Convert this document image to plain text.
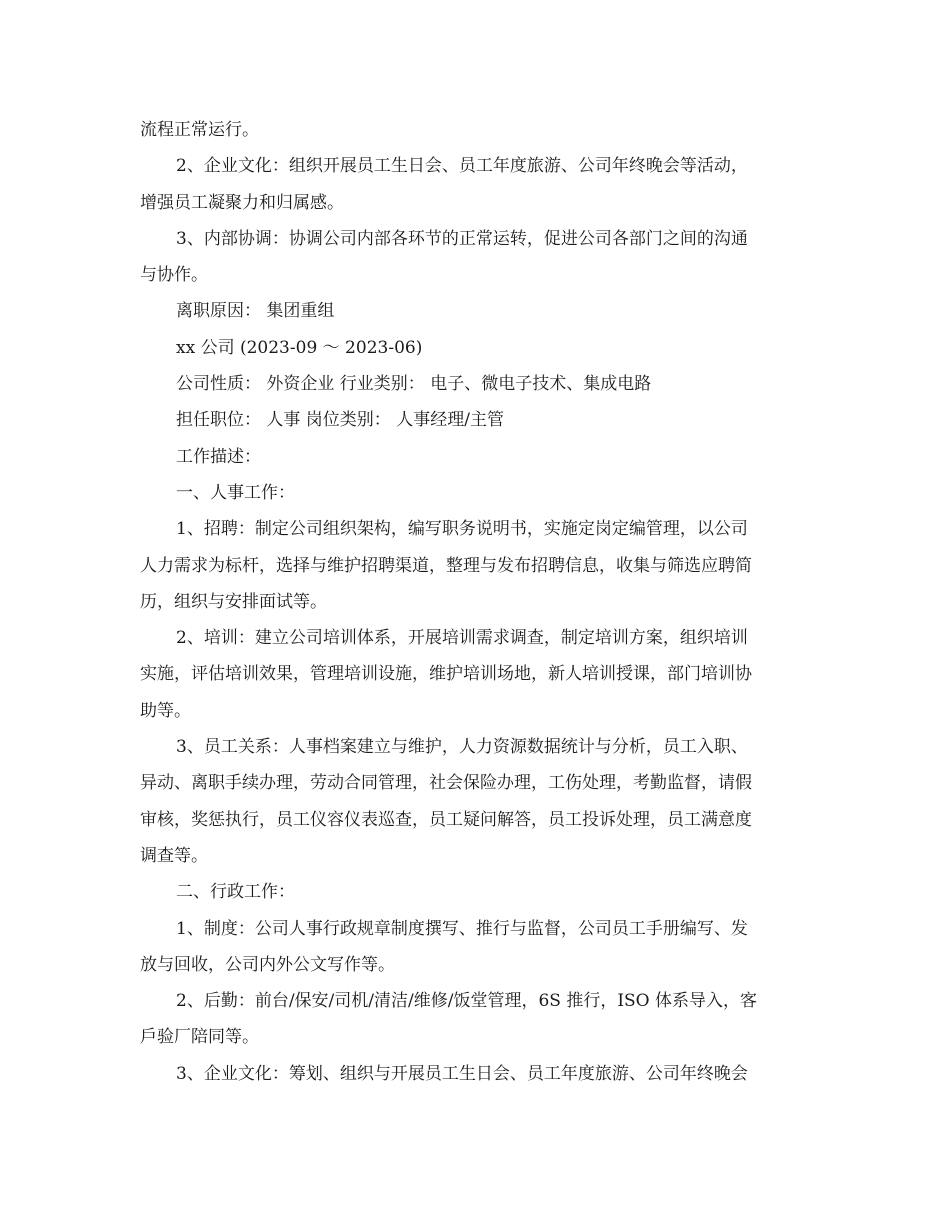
流程正常运行。
2、企业文化：组织开展员工生日会、员工年度旅游、公司年终晚会等活动，
增强员工凝聚力和归属感。
3、内部协调：协调公司内部各环节的正常运转，促进公司各部门之间的沟通
与协作。
离职原因： 集团重组
xx 公司 (2023-09 ～ 2023-06)
公司性质： 外资企业 行业类别： 电子、微电子技术、集成电路
担任职位： 人事 岗位类别： 人事经理/主管
工作描述：
一、人事工作：
1、招聘：制定公司组织架构，编写职务说明书，实施定岗定编管理，以公司
人力需求为标杆，选择与维护招聘渠道，整理与发布招聘信息，收集与筛选应聘简
历，组织与安排面试等。
2、培训：建立公司培训体系，开展培训需求调查，制定培训方案，组织培训
实施，评估培训效果，管理培训设施，维护培训场地，新人培训授课，部门培训协
助等。
3、员工关系：人事档案建立与维护，人力资源数据统计与分析，员工入职、
异动、离职手续办理，劳动合同管理，社会保险办理，工伤处理，考勤监督，请假
审核，奖惩执行，员工仪容仪表巡查，员工疑问解答，员工投诉处理，员工满意度
调查等。
二、行政工作：
1、制度：公司人事行政规章制度撰写、推行与监督，公司员工手册编写、发
放与回收，公司内外公文写作等。
2、后勤：前台/保安/司机/清洁/维修/饭堂管理，6S 推行，ISO 体系导入，客
戶验厂陪同等。
3、企业文化：筹划、组织与开展员工生日会、员工年度旅游、公司年终晚会
